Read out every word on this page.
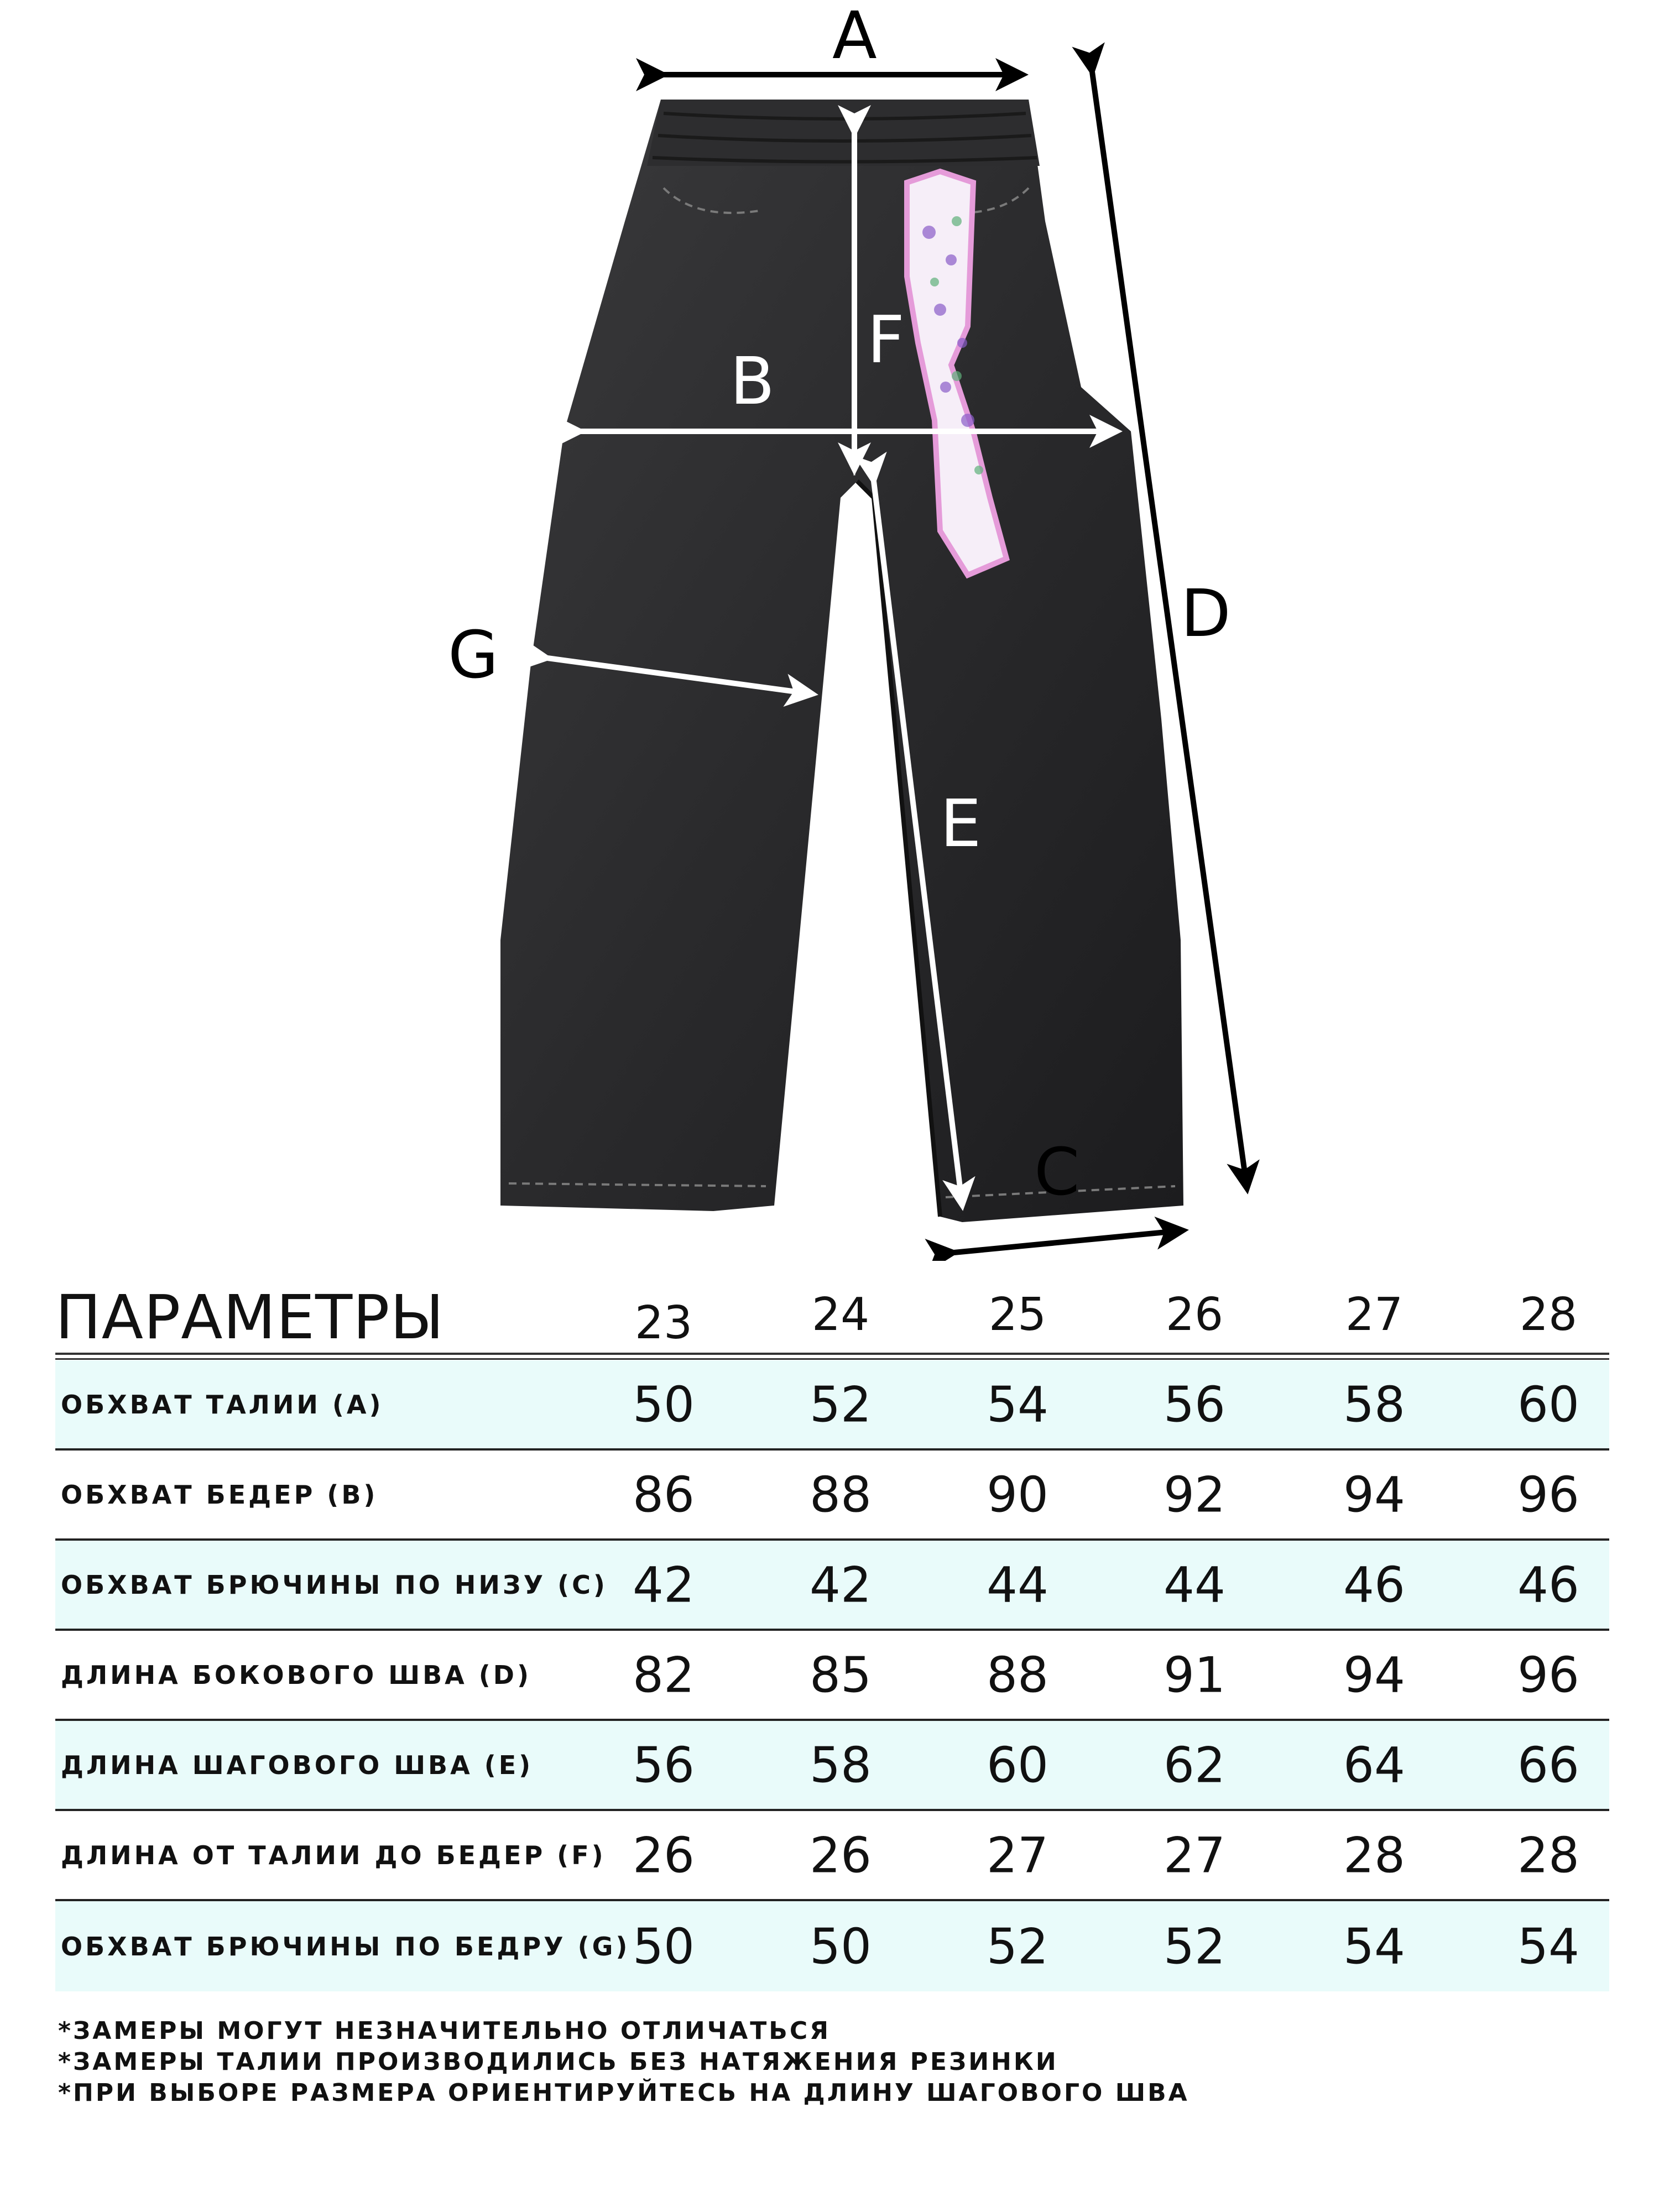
A
F
B
D
G
E
C
ПАРАМЕТРЫ	23	24	25	26	27	28
ОБХВАТ ТАЛИИ (А)	50	52	54	56	58	60
ОБХВАТ БЕДЕР (В)	86	88	90	92	94	96
ОБХВАТ БРЮЧИНЫ ПО НИЗУ (С) 42	42	44	44	46	46
ДЛИНА БОКОВОГО ШВА (D)	82	85	88	91	94	96
ДЛИНА ШАГОВОГО ШВА (Е)	56	58	60	62	64	66
ДЛИНА ОТ ТАЛИИ ДО БЕДЕР (F) 26	26	27	27	28	28
ОБХВАТ БРЮЧИНЫ ПО БЕДРУ (G) 50	50	52	52	54	54
*ЗАМЕРЫ МОГУТ НЕЗНАЧИТЕЛЬНО ОТЛИЧАТЬСЯ
*ЗАМЕРЫ ТАЛИИ ПРОИЗВОДИЛИСЬ БЕЗ НАТЯЖЕНИЯ РЕЗИНКИ
*ПРИ ВЫБОРЕ РАЗМЕРА ОРИЕНТИРУЙТЕСЬ НА ДЛИНУ ШАГОВОГО ШВА
